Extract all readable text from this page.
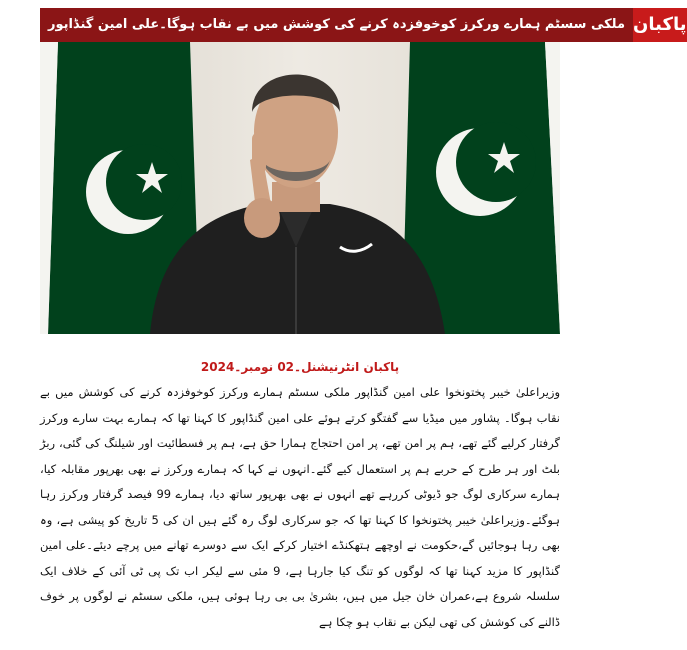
ملکی سسٹم ہمارے ورکرز کوخوفزدہ کرنے کی کوشش میں بے نقاب ہوگا۔علی امین گنڈاپور پاکبان
پاکبان انٹرنیشنل۔02 نومبر۔2024
وزیراعلیٰ خیبر پختونخوا علی امین گنڈاپور ملکی سسٹم ہمارے ورکرز کوخوفزدہ کرنے کی کوشش میں بے نقاب ہوگا۔ پشاور میں میڈیا سے گفتگو کرتے ہوئے علی امین گنڈاپور کا کہنا تھا کہ ہمارے بہت سارے ورکرز گرفتار کرلیے گئے تھے، ہم پر امن تھے، پر امن احتجاج ہمارا حق ہے، ہم پر فسطائیت اور شیلنگ کی گئی، ربڑ بلٹ اور ہر طرح کے حربے ہم پر استعمال کیے گئے۔انہوں نے کہا کہ ہمارے ورکرز نے بھی بھرپور مقابلہ کیا، ہمارے سرکاری لوگ جو ڈیوٹی کررہے تھے انہوں نے بھی بھرپور ساتھ دیا، ہمارے 99 فیصد گرفتار ورکرز رہا ہوگئے۔وزیراعلیٰ خیبر پختونخوا کا کہنا تھا کہ جو سرکاری لوگ رہ گئے ہیں ان کی 5 تاریخ کو پیشی ہے، وہ بھی رہا ہوجائیں گے،حکومت نے اوچھے ہتھکنڈے اختیار کرکے ایک سے دوسرے تھانے میں پرچے دیئے۔علی امین گنڈاپور کا مزید کہنا تھا کہ لوگوں کو تنگ کیا جارہا ہے، 9 مئی سے لیکر اب تک پی ٹی آئی کے خلاف ایک سلسلہ شروع ہے،عمران خان جیل میں ہیں، بشریٰ بی بی رہا ہوئی ہیں، ملکی سسٹم نے لوگوں پر خوف ڈالنے کی کوشش کی تھی لیکن بے نقاب ہو چکا ہے
